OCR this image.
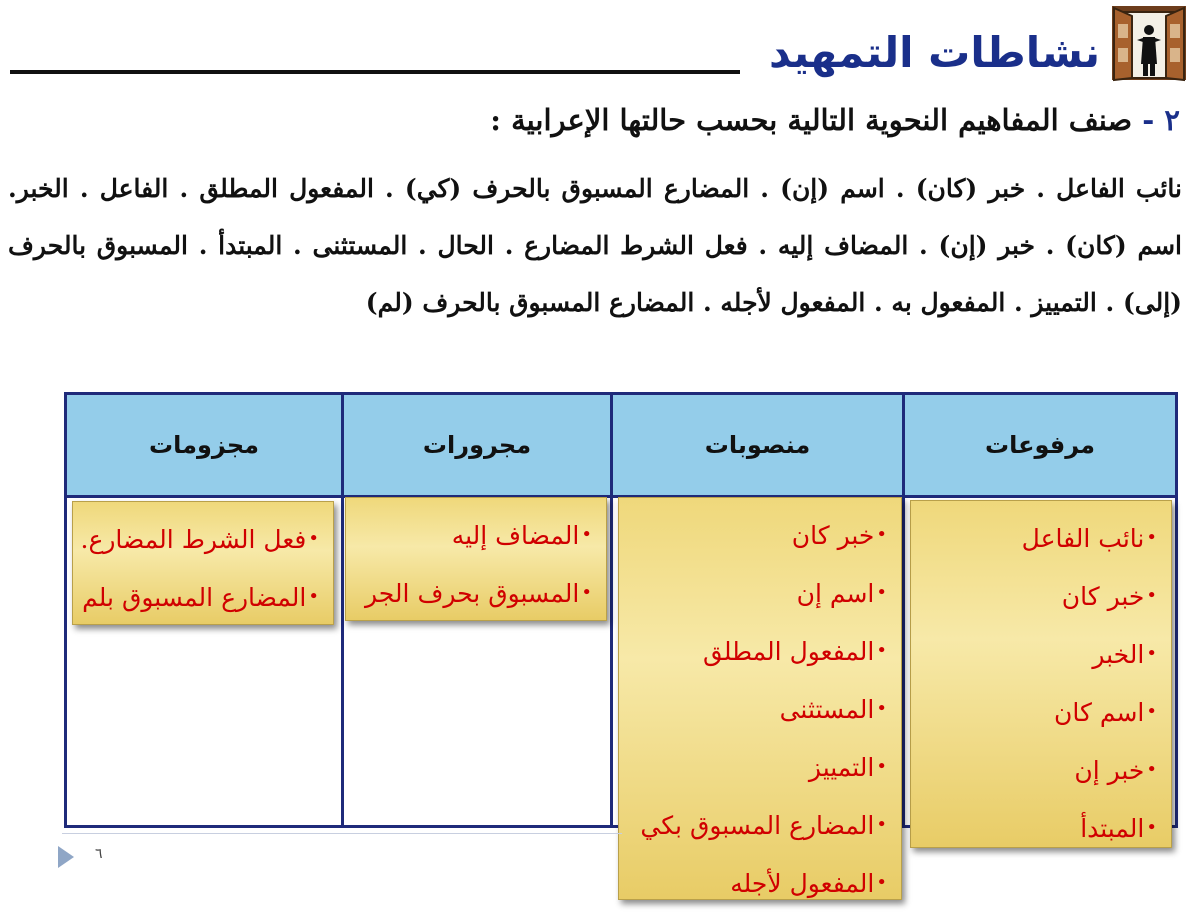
نشاطات التمهيد
٢ - صنف المفاهيم النحوية التالية بحسب حالتها الإعرابية :
نائب الفاعل . خبر (كان) . اسم (إن) . المضارع المسبوق بالحرف (كي) . المفعول المطلق . الفاعل . الخبر. اسم (كان) . خبر (إن) . المضاف إليه . فعل الشرط المضارع . الحال . المستثنى . المبتدأ . المسبوق بالحرف (إلى) . التمييز . المفعول به . المفعول لأجله . المضارع المسبوق بالحرف (لم)
مرفوعات
منصوبات
مجرورات
مجزومات
•نائب الفاعل
•خبر كان
•الخبر
•اسم كان
•خبر إن
•المبتدأ
•خبر كان
•اسم إن
•المفعول المطلق
•المستثنى
•التمييز
•المضارع المسبوق بكي
•المفعول لأجله
•المضاف إليه
•المسبوق بحرف الجر
•فعل الشرط المضارع.
•المضارع المسبوق بلم
٦
